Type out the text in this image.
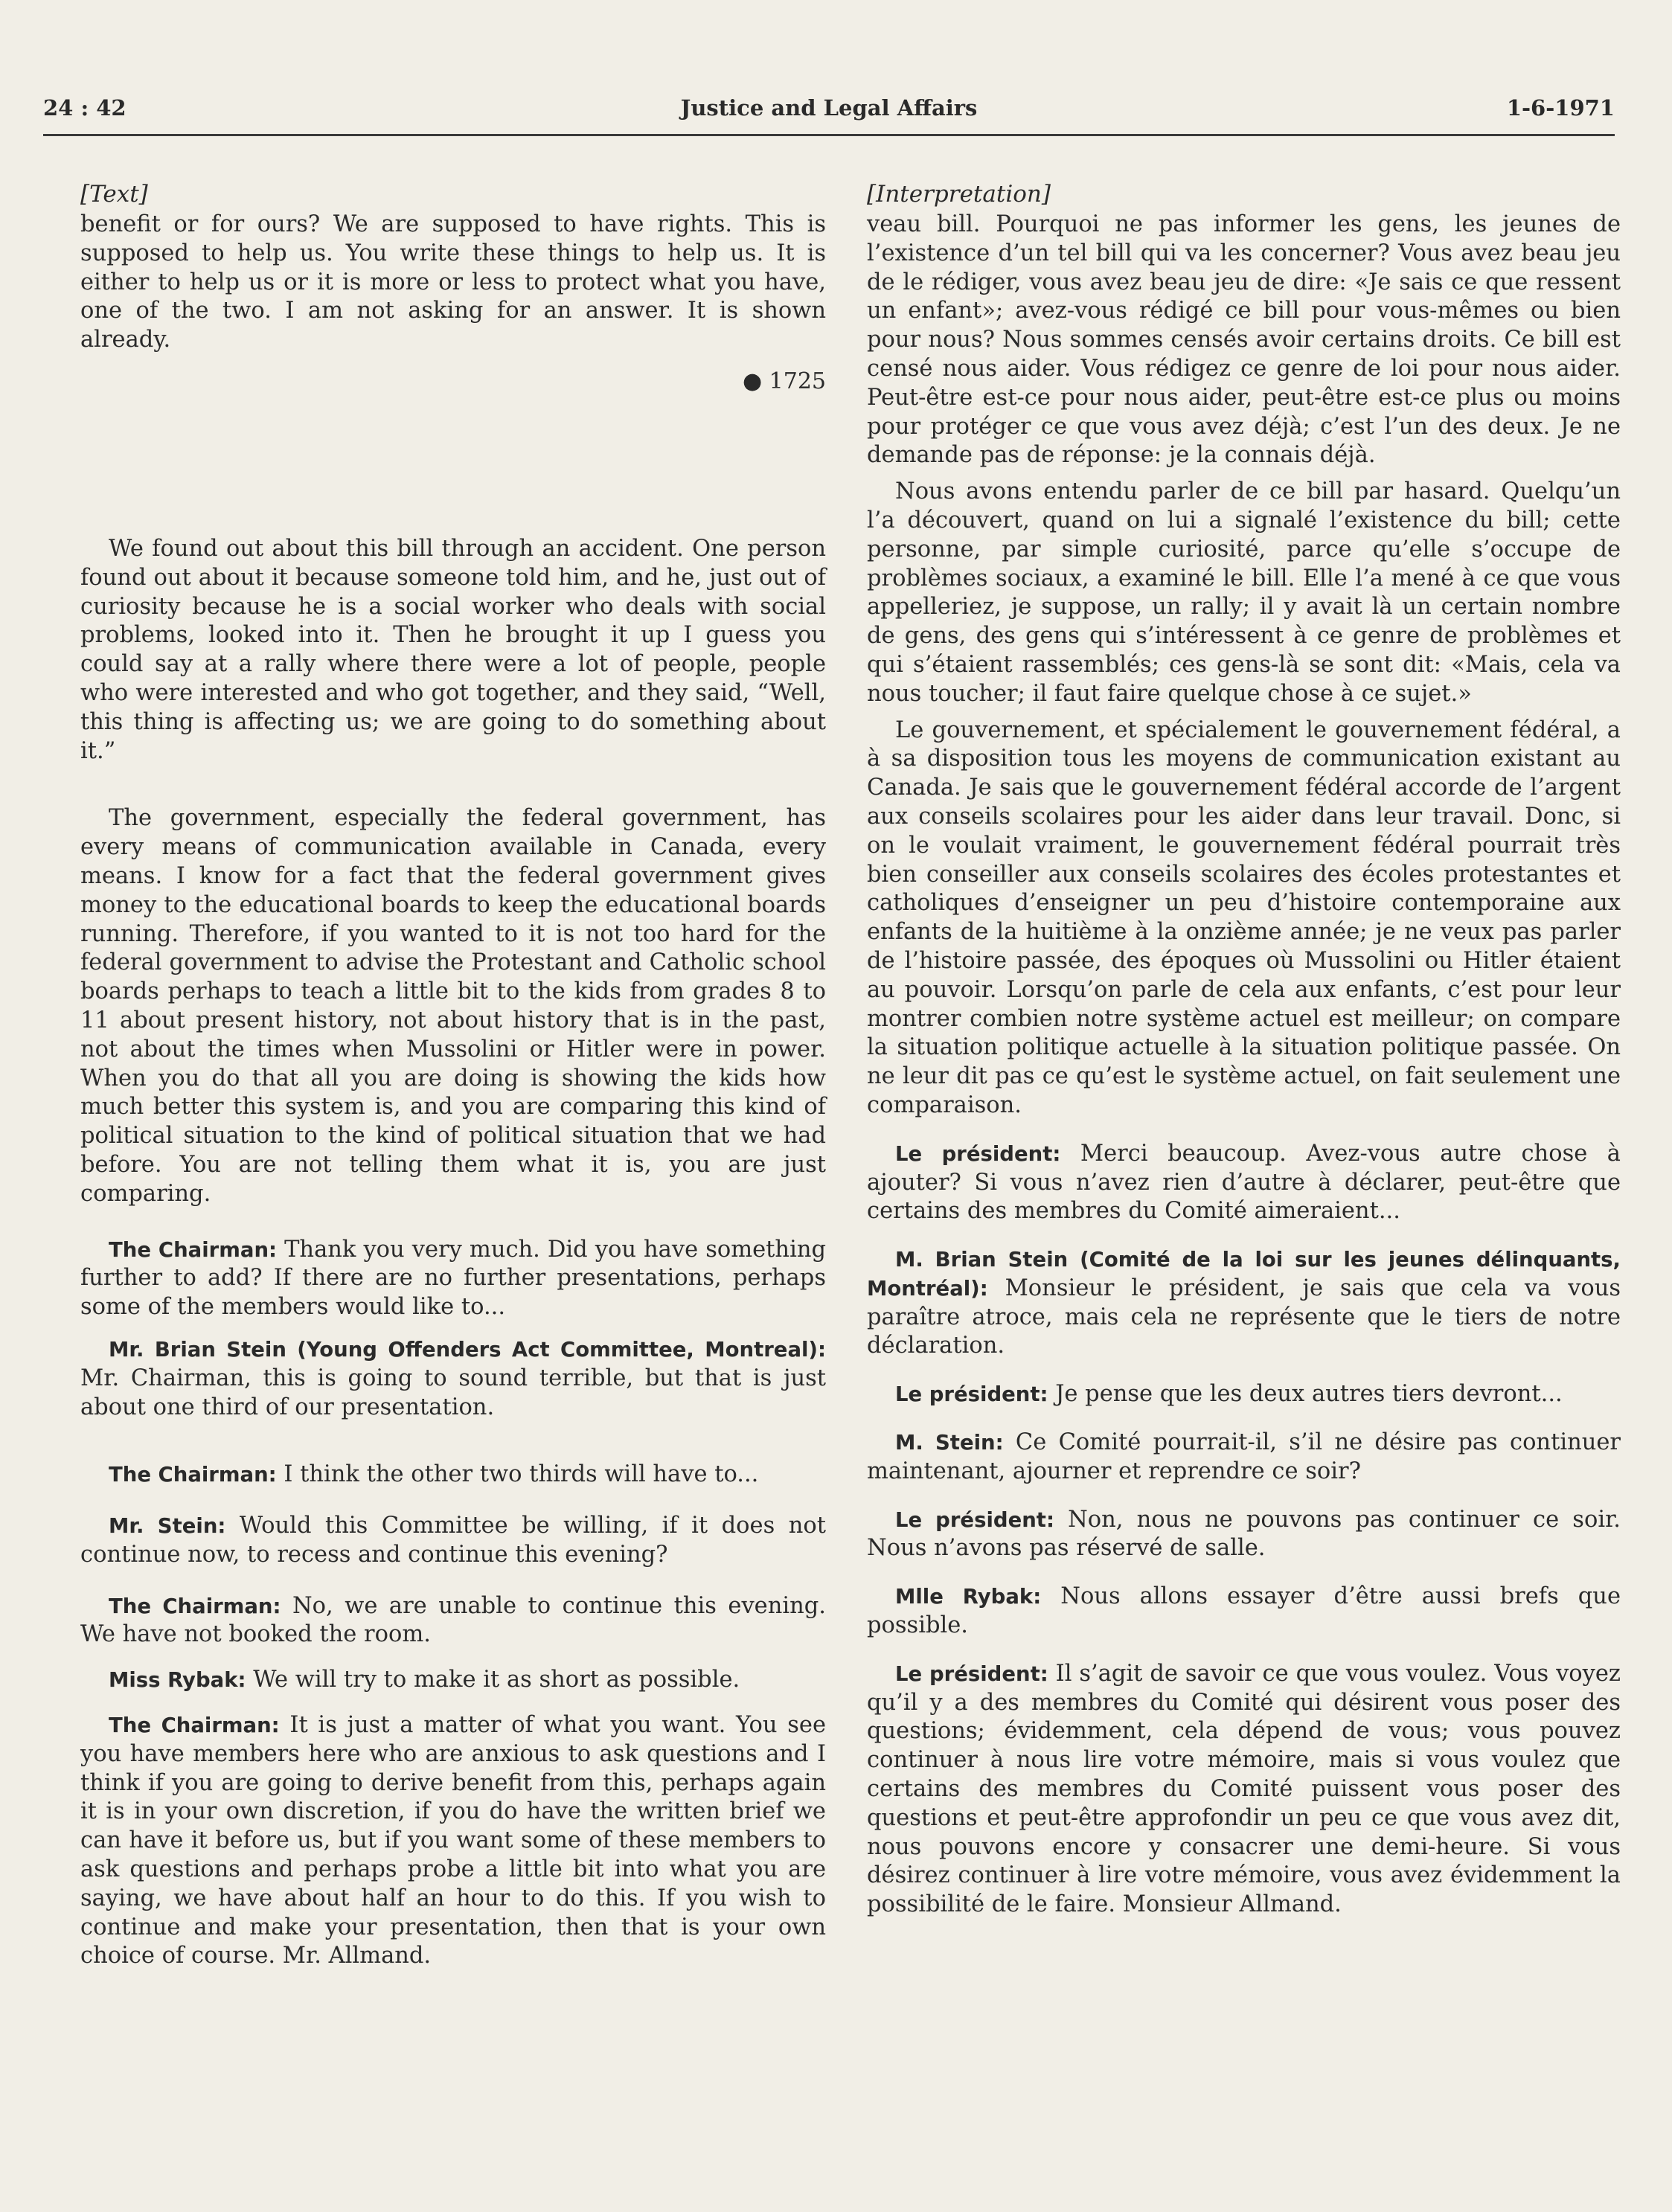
24 : 42	Justice and Legal Affairs	1-6-1971
[Text]

benefit or for ours? We are supposed to have rights. This is supposed to help us. You write these things to help us. It is either to help us or it is more or less to protect what you have, one of the two. I am not asking for an answer. It is shown already.

● 1725

We found out about this bill through an accident. One person found out about it because someone told him, and he, just out of curiosity because he is a social worker who deals with social problems, looked into it. Then he brought it up I guess you could say at a rally where there were a lot of people, people who were interested and who got together, and they said, “Well, this thing is affecting us; we are going to do something about it.”

The government, especially the federal government, has every means of communication available in Canada, every means. I know for a fact that the federal government gives money to the educational boards to keep the educational boards running. Therefore, if you wanted to it is not too hard for the federal government to advise the Protestant and Catholic school boards perhaps to teach a little bit to the kids from grades 8 to 11 about present history, not about history that is in the past, not about the times when Mussolini or Hitler were in power. When you do that all you are doing is showing the kids how much better this system is, and you are comparing this kind of political situation to the kind of political situation that we had before. You are not telling them what it is, you are just comparing.

The Chairman: Thank you very much. Did you have something further to add? If there are no further presentations, perhaps some of the members would like to...

Mr. Brian Stein (Young Offenders Act Committee, Montreal): Mr. Chairman, this is going to sound terrible, but that is just about one third of our presentation.

The Chairman: I think the other two thirds will have to...

Mr. Stein: Would this Committee be willing, if it does not continue now, to recess and continue this evening?

The Chairman: No, we are unable to continue this evening. We have not booked the room.

Miss Rybak: We will try to make it as short as possible.

The Chairman: It is just a matter of what you want. You see you have members here who are anxious to ask questions and I think if you are going to derive benefit from this, perhaps again it is in your own discretion, if you do have the written brief we can have it before us, but if you want some of these members to ask questions and perhaps probe a little bit into what you are saying, we have about half an hour to do this. If you wish to continue and make your presentation, then that is your own choice of course. Mr. Allmand.

[Interpretation]

veau bill. Pourquoi ne pas informer les gens, les jeunes de l’existence d’un tel bill qui va les concerner? Vous avez beau jeu de le rédiger, vous avez beau jeu de dire: «Je sais ce que ressent un enfant»; avez-vous rédigé ce bill pour vous-mêmes ou bien pour nous? Nous sommes censés avoir certains droits. Ce bill est censé nous aider. Vous rédigez ce genre de loi pour nous aider. Peut-être est-ce pour nous aider, peut-être est-ce plus ou moins pour protéger ce que vous avez déjà; c’est l’un des deux. Je ne demande pas de réponse: je la connais déjà.

Nous avons entendu parler de ce bill par hasard. Quelqu’un l’a découvert, quand on lui a signalé l’existence du bill; cette personne, par simple curiosité, parce qu’elle s’occupe de problèmes sociaux, a examiné le bill. Elle l’a mené à ce que vous appelleriez, je suppose, un rally; il y avait là un certain nombre de gens, des gens qui s’intéressent à ce genre de problèmes et qui s’étaient rassemblés; ces gens-là se sont dit: «Mais, cela va nous toucher; il faut faire quelque chose à ce sujet.»

Le gouvernement, et spécialement le gouvernement fédéral, a à sa disposition tous les moyens de communication existant au Canada. Je sais que le gouvernement fédéral accorde de l’argent aux conseils scolaires pour les aider dans leur travail. Donc, si on le voulait vraiment, le gouvernement fédéral pourrait très bien conseiller aux conseils scolaires des écoles protestantes et catholiques d’enseigner un peu d’histoire contemporaine aux enfants de la huitième à la onzième année; je ne veux pas parler de l’histoire passée, des époques où Mussolini ou Hitler étaient au pouvoir. Lorsqu’on parle de cela aux enfants, c’est pour leur montrer combien notre système actuel est meilleur; on compare la situation politique actuelle à la situation politique passée. On ne leur dit pas ce qu’est le système actuel, on fait seulement une comparaison.

Le président: Merci beaucoup. Avez-vous autre chose à ajouter? Si vous n’avez rien d’autre à déclarer, peut-être que certains des membres du Comité aimeraient...

M. Brian Stein (Comité de la loi sur les jeunes délinquants, Montréal): Monsieur le président, je sais que cela va vous paraître atroce, mais cela ne représente que le tiers de notre déclaration.

Le président: Je pense que les deux autres tiers devront...

M. Stein: Ce Comité pourrait-il, s’il ne désire pas continuer maintenant, ajourner et reprendre ce soir?

Le président: Non, nous ne pouvons pas continuer ce soir. Nous n’avons pas réservé de salle.

Mlle Rybak: Nous allons essayer d’être aussi brefs que possible.

Le président: Il s’agit de savoir ce que vous voulez. Vous voyez qu’il y a des membres du Comité qui désirent vous poser des questions; évidemment, cela dépend de vous; vous pouvez continuer à nous lire votre mémoire, mais si vous voulez que certains des membres du Comité puissent vous poser des questions et peut-être approfondir un peu ce que vous avez dit, nous pouvons encore y consacrer une demi-heure. Si vous désirez continuer à lire votre mémoire, vous avez évidemment la possibilité de le faire. Monsieur Allmand.
